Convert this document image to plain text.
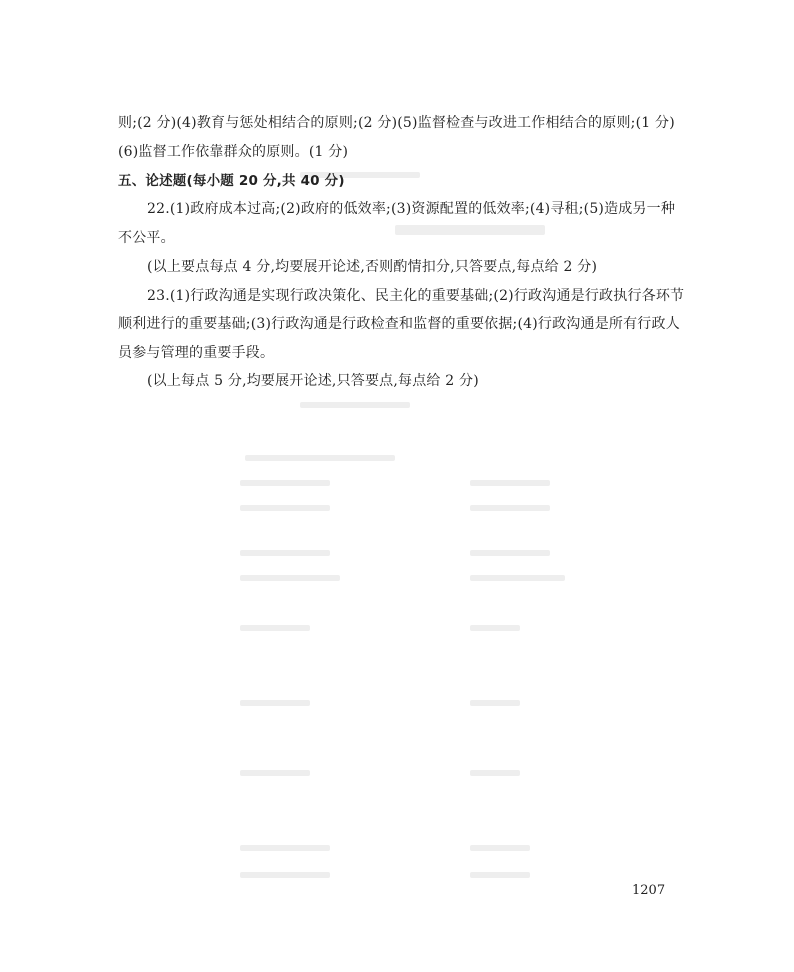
则;(2 分)(4)教育与惩处相结合的原则;(2 分)(5)监督检查与改进工作相结合的原则;(1 分)
(6)监督工作依靠群众的原则。(1 分)
五、论述题(每小题 20 分,共 40 分)
22.(1)政府成本过高;(2)政府的低效率;(3)资源配置的低效率;(4)寻租;(5)造成另一种
不公平。
(以上要点每点 4 分,均要展开论述,否则酌情扣分,只答要点,每点给 2 分)
23.(1)行政沟通是实现行政决策化、民主化的重要基础;(2)行政沟通是行政执行各环节
顺利进行的重要基础;(3)行政沟通是行政检查和监督的重要依据;(4)行政沟通是所有行政人
员参与管理的重要手段。
(以上每点 5 分,均要展开论述,只答要点,每点给 2 分)
1207
